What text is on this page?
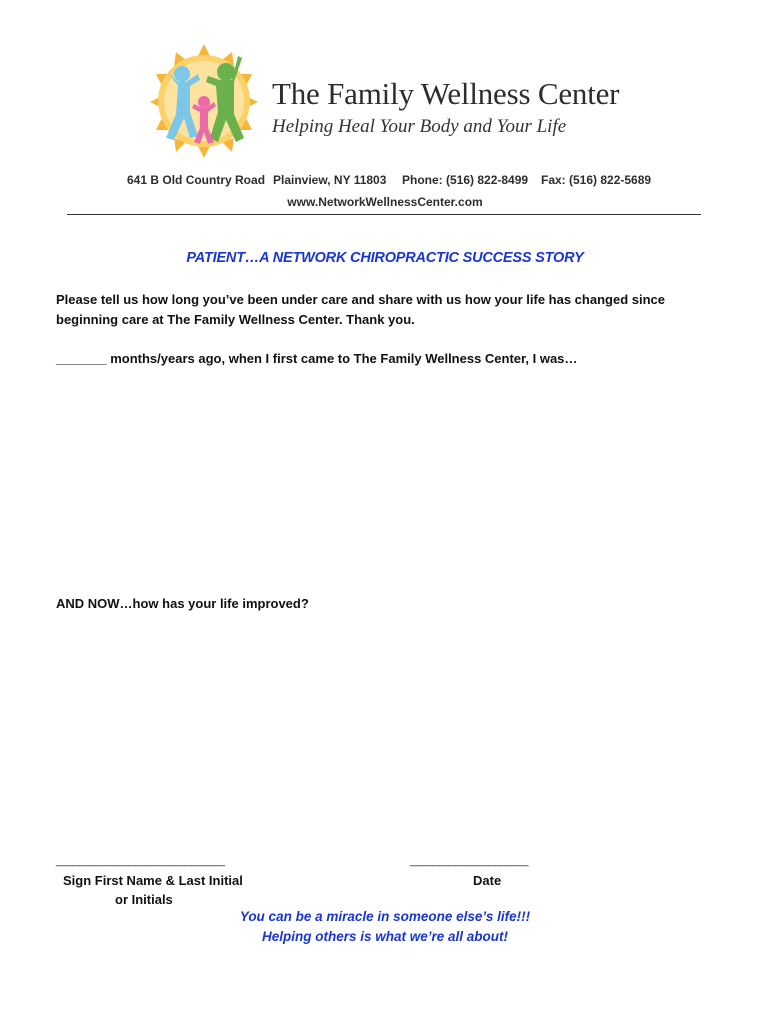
The Family Wellness Center
Helping Heal Your Body and Your Life
641 B Old Country Road Plainview, NY 11803 Phone: (516) 822-8499 Fax: (516) 822-5689
www.NetworkWellnessCenter.com
PATIENT…A NETWORK CHIROPRACTIC SUCCESS STORY
Please tell us how long you’ve been under care and share with us how your life has changed since
beginning care at The Family Wellness Center. Thank you.
_______ months/years ago, when I first came to The Family Wellness Center, I was…
AND NOW…how has your life improved?
______________________________
Sign First Name & Last Initial
or Initials
_____________________
Date
You can be a miracle in someone else’s life!!!
Helping others is what we’re all about!
